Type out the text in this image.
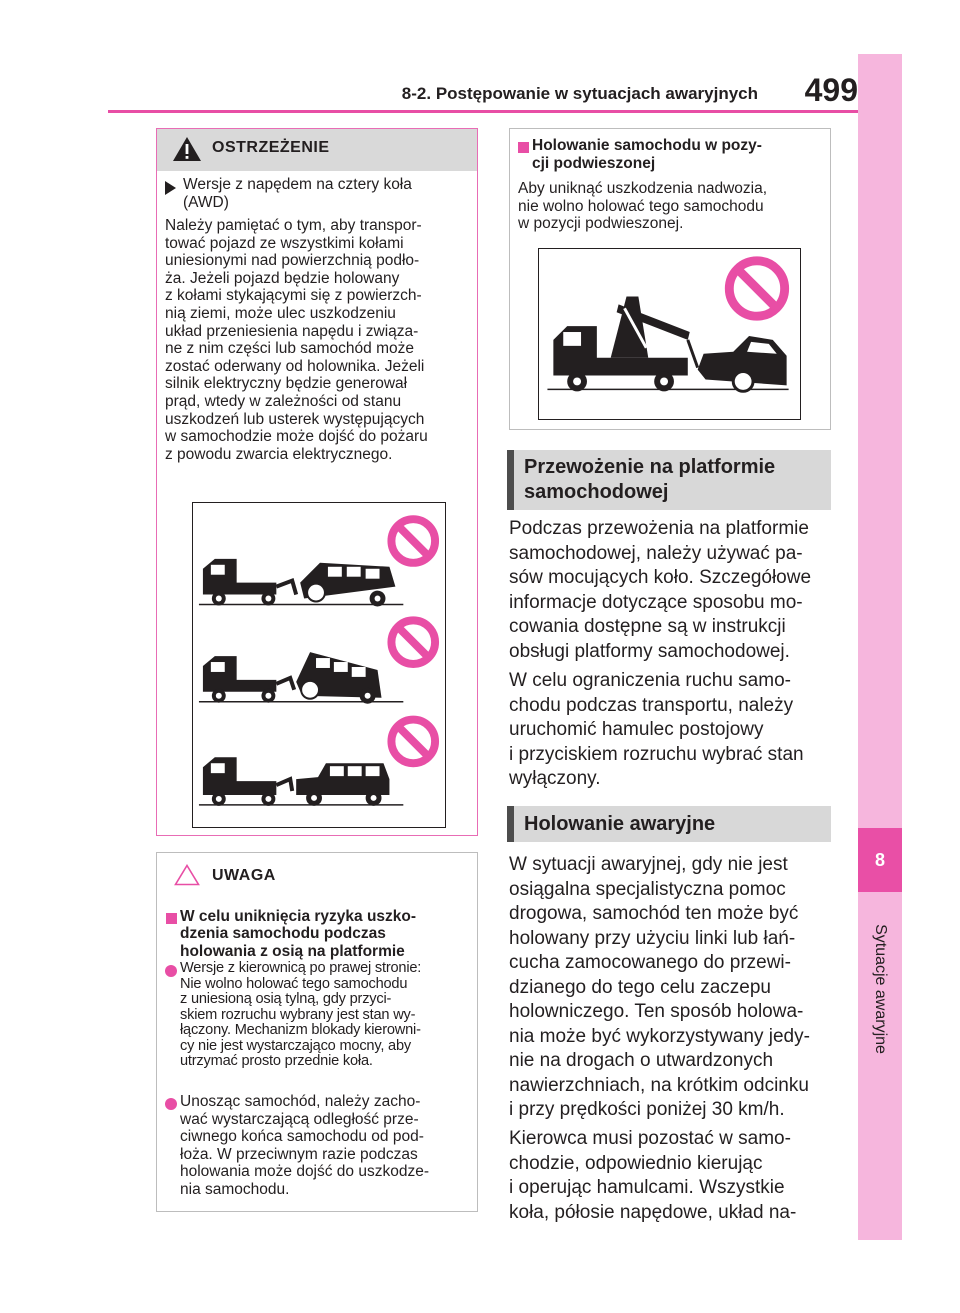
8-2. Postępowanie w sytuacjach awaryjnych	499
8
Sytuacje awaryjne
OSTRZEŻENIE
Wersje z napędem na cztery koła
(AWD)
Należy pamiętać o tym, aby transpor-
tować pojazd ze wszystkimi kołami
uniesionymi nad powierzchnią podło-
ża. Jeżeli pojazd będzie holowany
z kołami stykającymi się z powierzch-
nią ziemi, może ulec uszkodzeniu
układ przeniesienia napędu i związa-
ne z nim części lub samochód może
zostać oderwany od holownika. Jeżeli
silnik elektryczny będzie generował
prąd, wtedy w zależności od stanu
uszkodzeń lub usterek występujących
w samochodzie może dojść do pożaru
z powodu zwarcia elektrycznego.
UWAGA
W celu uniknięcia ryzyka uszko-
dzenia samochodu podczas
holowania z osią na platformie
Wersje z kierownicą po prawej stronie:
Nie wolno holować tego samochodu
z uniesioną osią tylną, gdy przyci-
skiem rozruchu wybrany jest stan wy-
łączony. Mechanizm blokady kierowni-
cy nie jest wystarczająco mocny, aby
utrzymać prosto przednie koła.
Unosząc samochód, należy zacho-
wać wystarczającą odległość prze-
ciwnego końca samochodu od pod-
łoża. W przeciwnym razie podczas
holowania może dojść do uszkodze-
nia samochodu.
Holowanie samochodu w pozy-
cji podwieszonej
Aby uniknąć uszkodzenia nadwozia,
nie wolno holować tego samochodu
w pozycji podwieszonej.
Przewożenie na platformie
samochodowej
Podczas przewożenia na platformie
samochodowej, należy używać pa-
sów mocujących koło. Szczegółowe
informacje dotyczące sposobu mo-
cowania dostępne są w instrukcji
obsługi platformy samochodowej.
W celu ograniczenia ruchu samo-
chodu podczas transportu, należy
uruchomić hamulec postojowy
i przyciskiem rozruchu wybrać stan
wyłączony.
Holowanie awaryjne
W sytuacji awaryjnej, gdy nie jest
osiągalna specjalistyczna pomoc
drogowa, samochód ten może być
holowany przy użyciu linki lub łań-
cucha zamocowanego do przewi-
dzianego do tego celu zaczepu
holowniczego. Ten sposób holowa-
nia może być wykorzystywany jedy-
nie na drogach o utwardzonych
nawierzchniach, na krótkim odcinku
i przy prędkości poniżej 30 km/h.
Kierowca musi pozostać w samo-
chodzie, odpowiednio kierując
i operując hamulcami. Wszystkie
koła, półosie napędowe, układ na-
